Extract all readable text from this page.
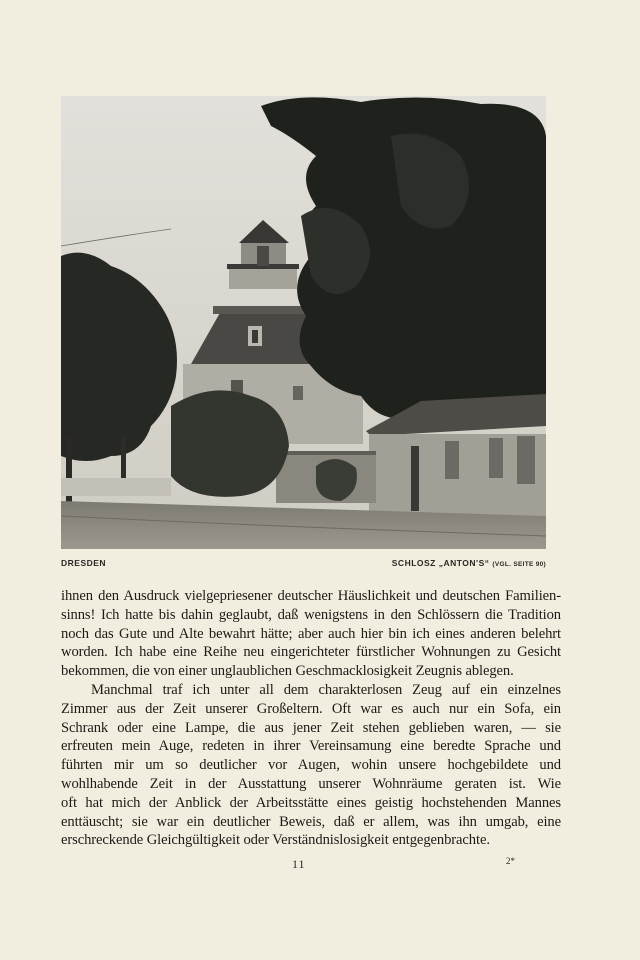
DRESDEN	SCHLOSZ „ANTON'S“ (VGL. SEITE 90)
ihnen den Ausdruck vielgepriesener deutscher Häuslichkeit und deutschen Familien-
sinns! Ich hatte bis dahin geglaubt, daß wenigstens in den Schlössern die Tradition
noch das Gute und Alte bewahrt hätte; aber auch hier bin ich eines anderen belehrt
worden. Ich habe eine Reihe neu eingerichteter fürstlicher Wohnungen zu Gesicht
bekommen, die von einer unglaublichen Geschmacklosigkeit Zeugnis ablegen.
Manchmal traf ich unter all dem charakterlosen Zeug auf ein einzelnes
Zimmer aus der Zeit unserer Großeltern. Oft war es auch nur ein Sofa, ein
Schrank oder eine Lampe, die aus jener Zeit stehen geblieben waren, — sie
erfreuten mein Auge, redeten in ihrer Vereinsamung eine beredte Sprache und
führten mir um so deutlicher vor Augen, wohin unsere hochgebildete und
wohlhabende Zeit in der Ausstattung unserer Wohnräume geraten ist. Wie
oft hat mich der Anblick der Arbeitsstätte eines geistig hochstehenden Mannes
enttäuscht; sie war ein deutlicher Beweis, daß er allem, was ihn umgab, eine
erschreckende Gleichgültigkeit oder Verständnislosigkeit entgegenbrachte.
11	2*
